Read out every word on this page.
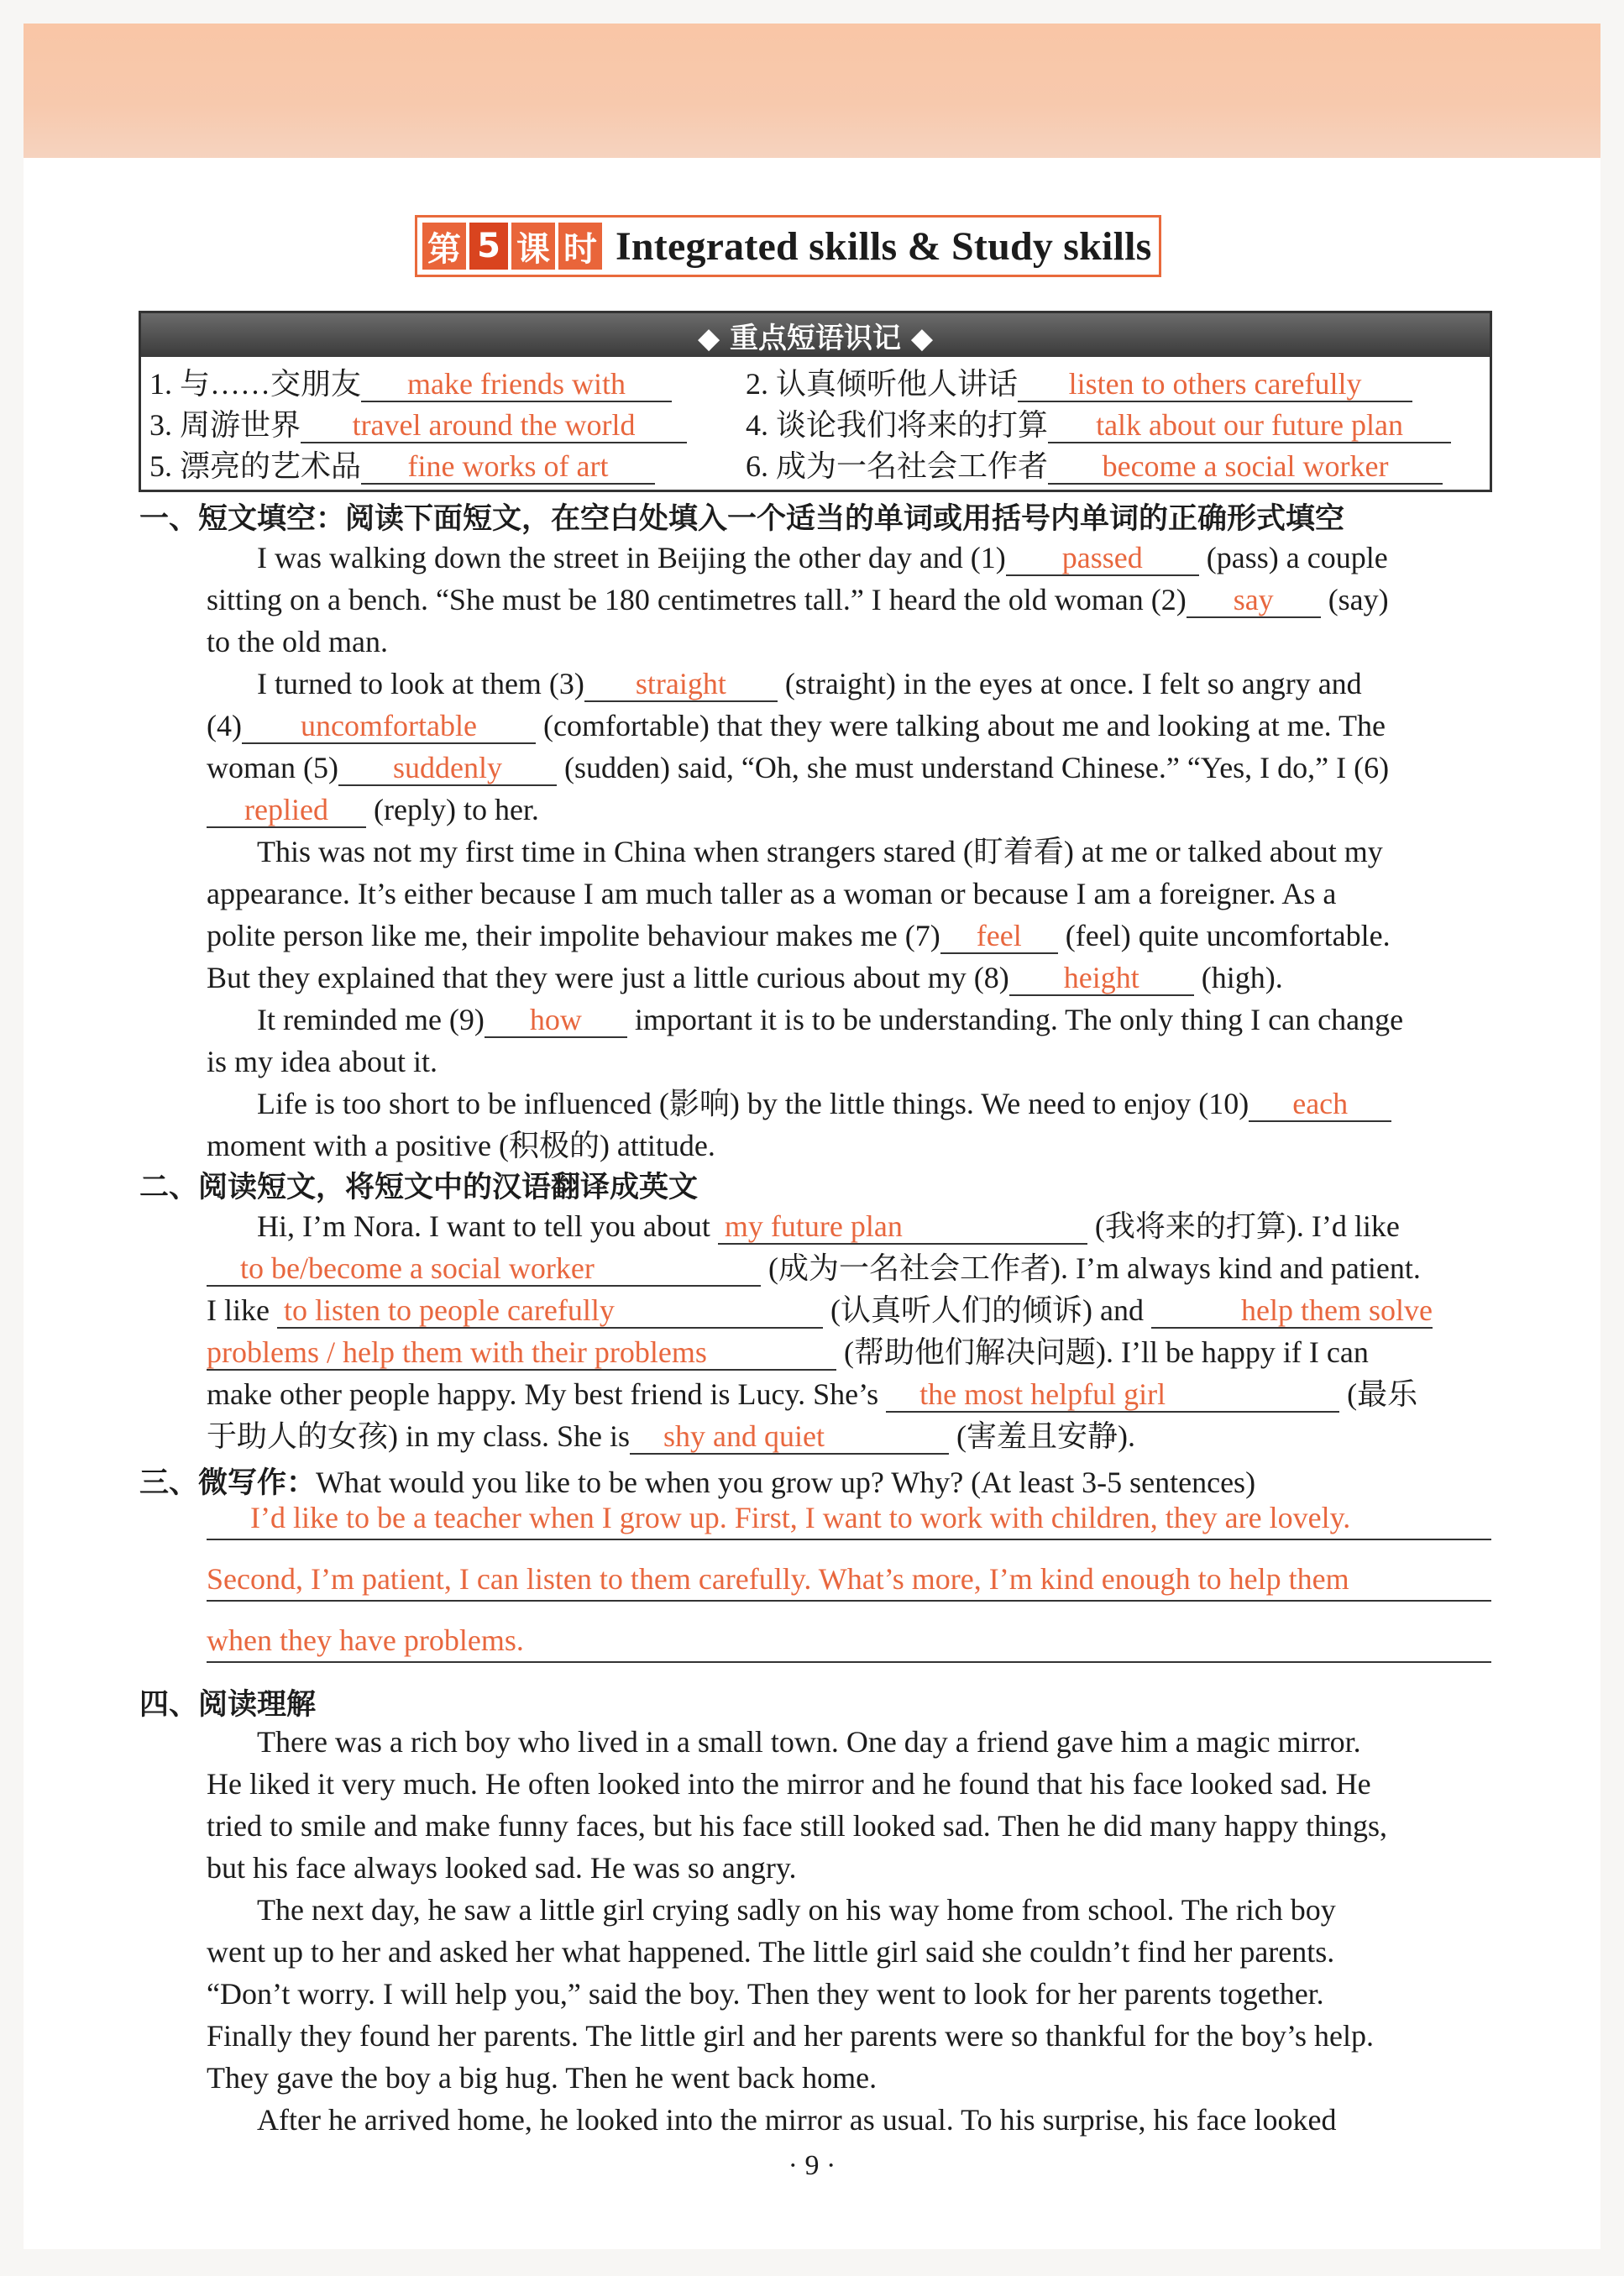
第 5 课 时 Integrated skills & Study skills
◆ 重点短语识记 ◆
1. 与……交朋友 make friends with	2. 认真倾听他人讲话 listen to others carefully
3. 周游世界 travel around the world	4. 谈论我们将来的打算 talk about our future plan
5. 漂亮的艺术品 fine works of art	6. 成为一名社会工作者 become a social worker
一、短文填空：阅读下面短文，在空白处填入一个适当的单词或用括号内单词的正确形式填空
I was walking down the street in Beijing the other day and (1) passed (pass) a couple
sitting on a bench. “She must be 180 centimetres tall.” I heard the old woman (2) say (say)
to the old man.
I turned to look at them (3) straight (straight) in the eyes at once. I felt so angry and
(4) uncomfortable (comfortable) that they were talking about me and looking at me. The
woman (5) suddenly (sudden) said, “Oh, she must understand Chinese.” “Yes, I do,” I (6)
replied (reply) to her.
This was not my first time in China when strangers stared (盯着看) at me or talked about my
appearance. It’s either because I am much taller as a woman or because I am a foreigner. As a
polite person like me, their impolite behaviour makes me (7) feel (feel) quite uncomfortable.
But they explained that they were just a little curious about my (8) height (high).
It reminded me (9) how important it is to be understanding. The only thing I can change
is my idea about it.
Life is too short to be influenced (影响) by the little things. We need to enjoy (10) each
moment with a positive (积极的) attitude.
二、阅读短文，将短文中的汉语翻译成英文
Hi, I’m Nora. I want to tell you about my future plan	(我将来的打算). I’d like
to be/become a social worker	(成为一名社会工作者). I’m always kind and patient.
I like to listen to people carefully	(认真听人们的倾诉) and	help them solve
problems / help them with their problems	(帮助他们解决问题). I’ll be happy if I can
make other people happy. My best friend is Lucy. She’s the most helpful girl	(最乐
于助人的女孩) in my class. She is shy and quiet	(害羞且安静).
三、微写作：What would you like to be when you grow up? Why? (At least 3-5 sentences)
I’d like to be a teacher when I grow up. First, I want to work with children, they are lovely.
Second, I’m patient, I can listen to them carefully. What’s more, I’m kind enough to help them
when they have problems.
四、阅读理解
There was a rich boy who lived in a small town. One day a friend gave him a magic mirror.
He liked it very much. He often looked into the mirror and he found that his face looked sad. He
tried to smile and make funny faces, but his face still looked sad. Then he did many happy things,
but his face always looked sad. He was so angry.
The next day, he saw a little girl crying sadly on his way home from school. The rich boy
went up to her and asked her what happened. The little girl said she couldn’t find her parents.
“Don’t worry. I will help you,” said the boy. Then they went to look for her parents together.
Finally they found her parents. The little girl and her parents were so thankful for the boy’s help.
They gave the boy a big hug. Then he went back home.
After he arrived home, he looked into the mirror as usual. To his surprise, his face looked
· 9 ·
